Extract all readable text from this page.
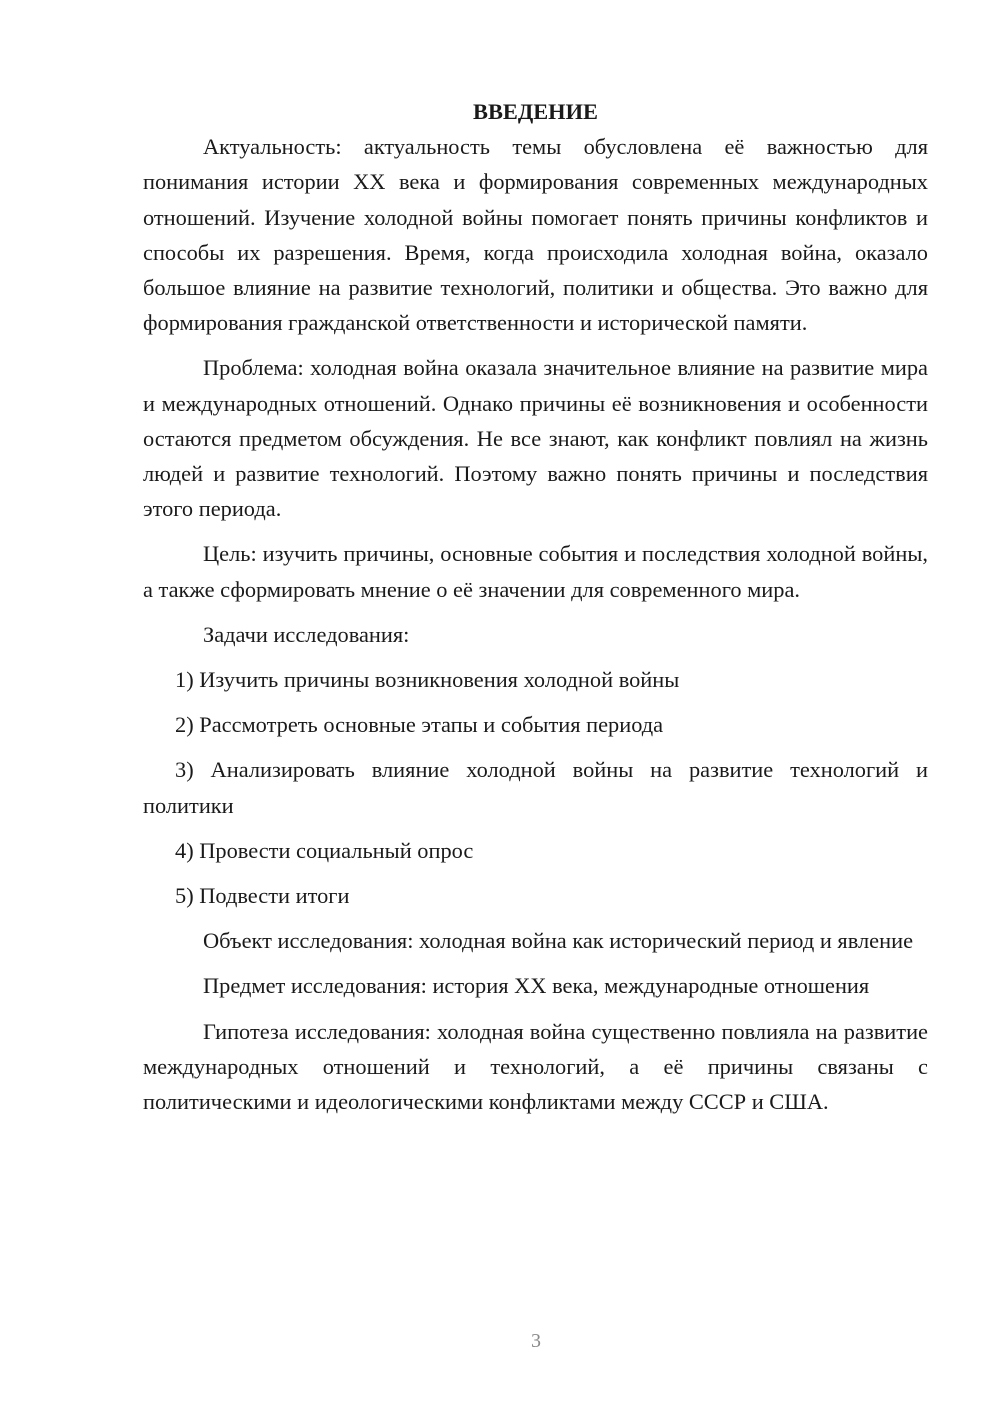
ВВЕДЕНИЕ

Актуальность: актуальность темы обусловлена её важностью для понимания истории XX века и формирования современных международных отношений. Изучение холодной войны помогает понять причины конфликтов и способы их разрешения. Время, когда происходила холодная война, оказало большое влияние на развитие технологий, политики и общества. Это важно для формирования гражданской ответственности и исторической памяти.

Проблема: холодная война оказала значительное влияние на развитие мира и международных отношений. Однако причины её возникновения и особенности остаются предметом обсуждения. Не все знают, как конфликт повлиял на жизнь людей и развитие технологий. Поэтому важно понять причины и последствия этого периода.

Цель: изучить причины, основные события и последствия холодной войны, а также сформировать мнение о её значении для современного мира.

Задачи исследования:

1) Изучить причины возникновения холодной войны

2) Рассмотреть основные этапы и события периода

3) Анализировать влияние холодной войны на развитие технологий и политики

4) Провести социальный опрос

5) Подвести итоги

Объект исследования: холодная война как исторический период и явление

Предмет исследования: история XX века, международные отношения

Гипотеза исследования: холодная война существенно повлияла на развитие международных отношений и технологий, а её причины связаны с политическими и идеологическими конфликтами между СССР и США.

3
